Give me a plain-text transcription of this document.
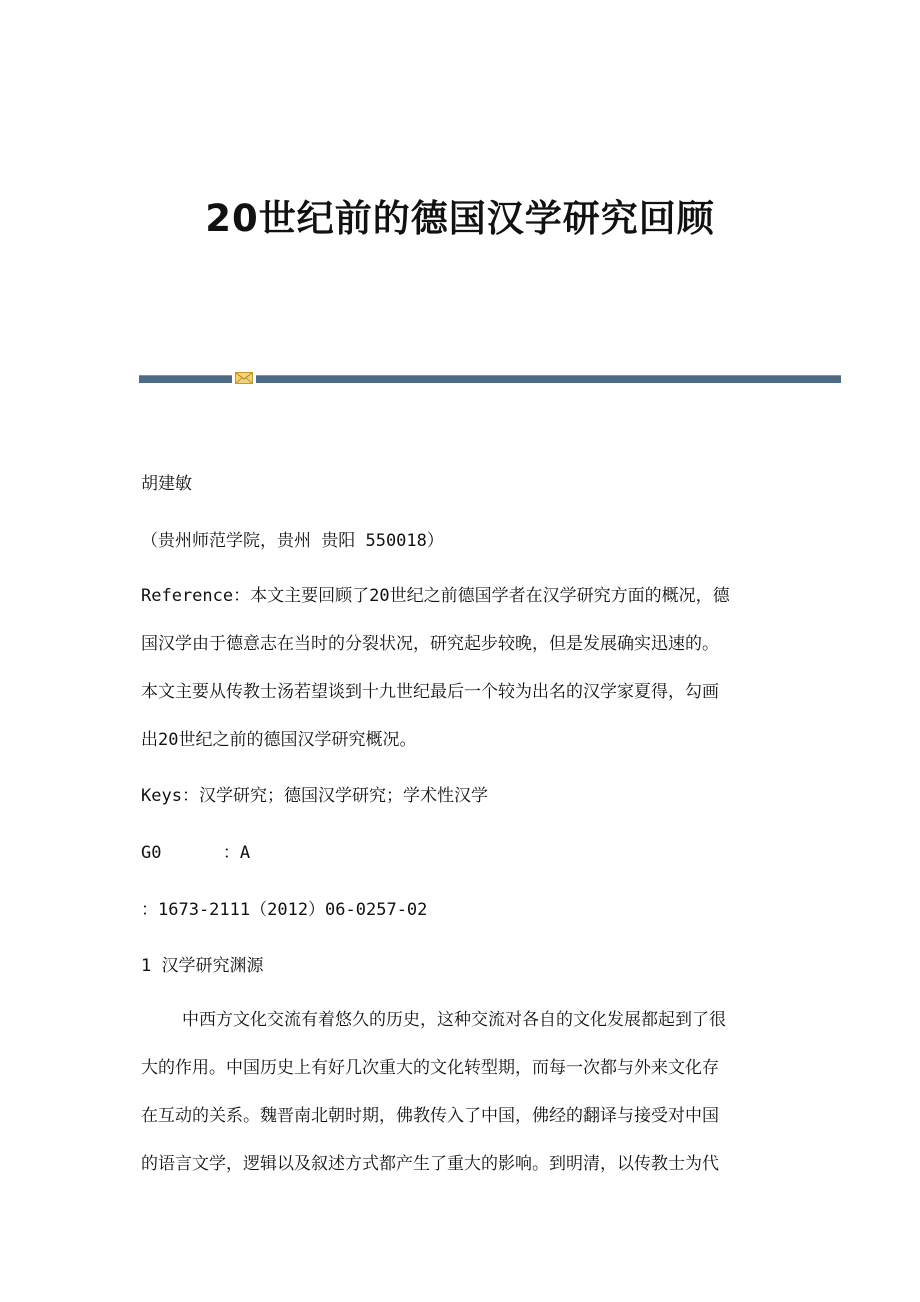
20世纪前的德国汉学研究回顾
胡建敏
（贵州师范学院，贵州 贵阳 550018）
Reference：本文主要回顾了20世纪之前德国学者在汉学研究方面的概况，德
国汉学由于德意志在当时的分裂状况，研究起步较晚，但是发展确实迅速的。
本文主要从传教士汤若望谈到十九世纪最后一个较为出名的汉学家夏得，勾画
出20世纪之前的德国汉学研究概况。
Keys：汉学研究；德国汉学研究；学术性汉学
G0      ：A
：1673-2111（2012）06-0257-02
1 汉学研究渊源
中西方文化交流有着悠久的历史，这种交流对各自的文化发展都起到了很
大的作用。中国历史上有好几次重大的文化转型期，而每一次都与外来文化存
在互动的关系。魏晋南北朝时期，佛教传入了中国，佛经的翻译与接受对中国
的语言文学，逻辑以及叙述方式都产生了重大的影响。到明清，以传教士为代
